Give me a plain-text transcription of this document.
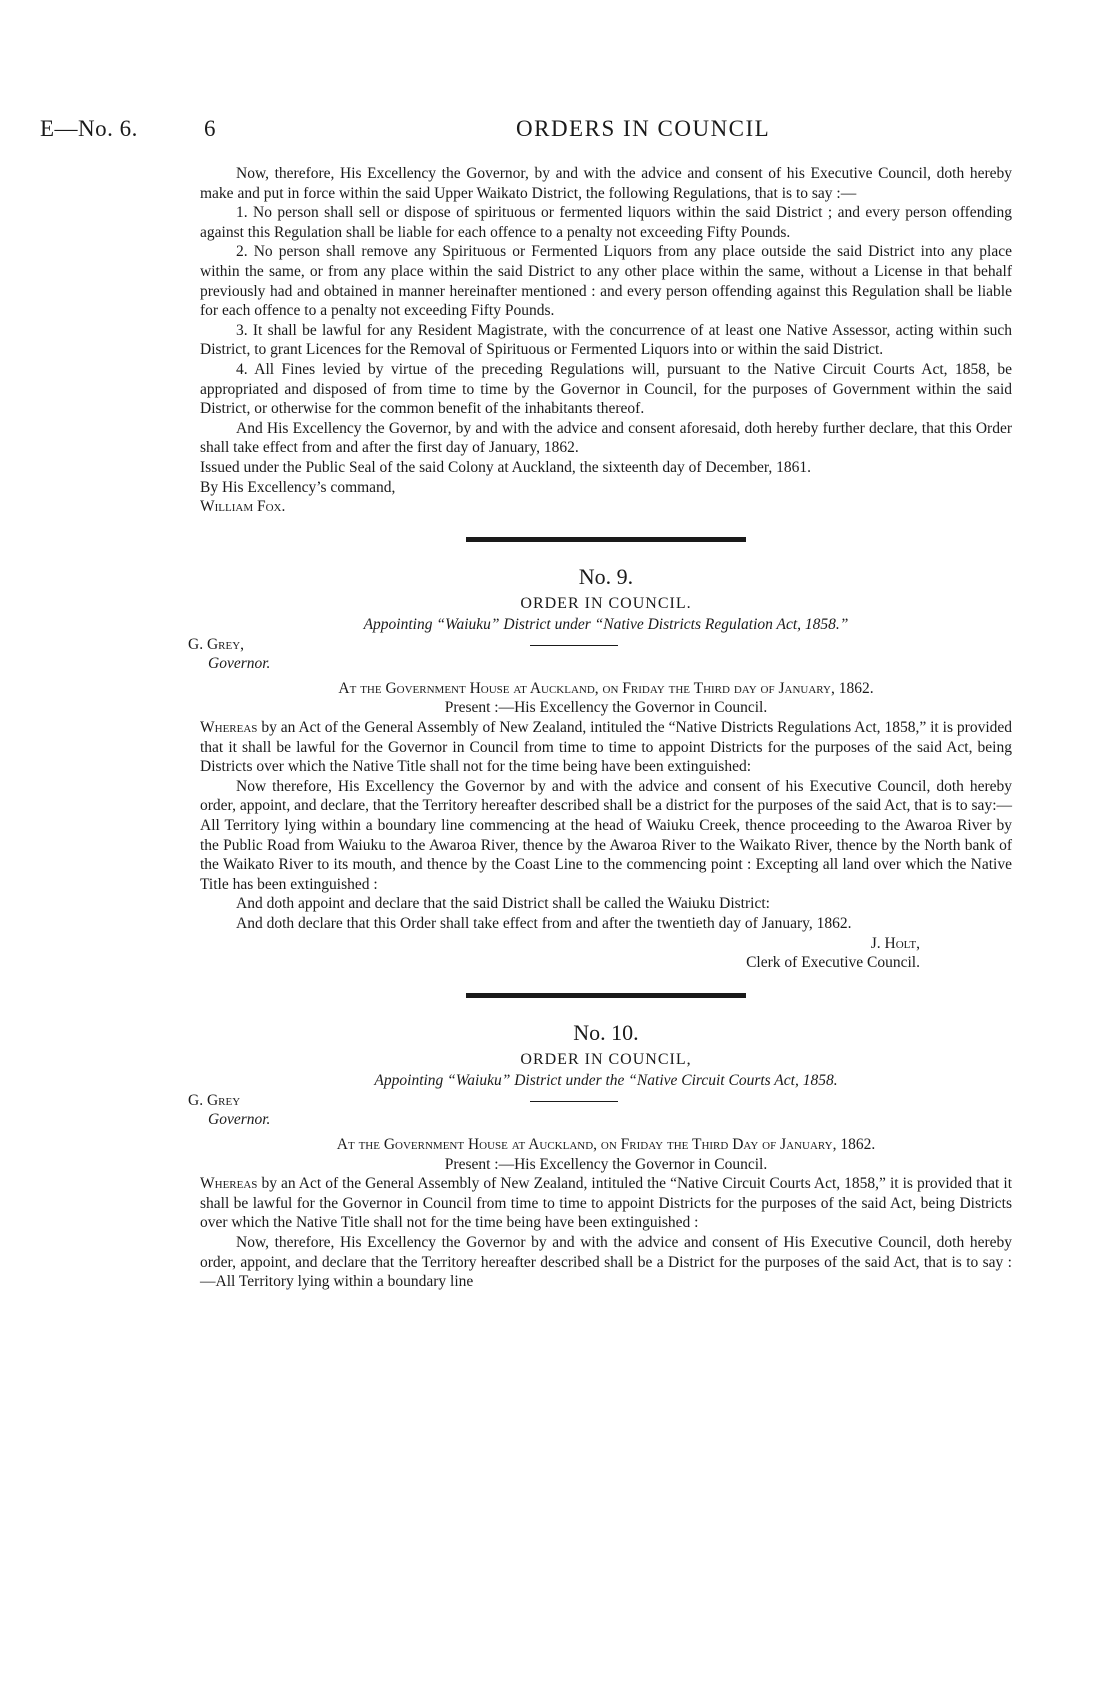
E—No. 6.	6	ORDERS IN COUNCIL

Now, therefore, His Excellency the Governor, by and with the advice and consent of his Executive Council, doth hereby make and put in force within the said Upper Waikato District, the following Regulations, that is to say :—

1. No person shall sell or dispose of spirituous or fermented liquors within the said District ; and every person offending against this Regulation shall be liable for each offence to a penalty not exceeding Fifty Pounds.

2. No person shall remove any Spirituous or Fermented Liquors from any place outside the said District into any place within the same, or from any place within the said District to any other place within the same, without a License in that behalf previously had and obtained in manner hereinafter mentioned : and every person offending against this Regulation shall be liable for each offence to a penalty not exceeding Fifty Pounds.

3. It shall be lawful for any Resident Magistrate, with the concurrence of at least one Native Assessor, acting within such District, to grant Licences for the Removal of Spirituous or Fermented Liquors into or within the said District.

4. All Fines levied by virtue of the preceding Regulations will, pursuant to the Native Circuit Courts Act, 1858, be appropriated and disposed of from time to time by the Governor in Council, for the purposes of Government within the said District, or otherwise for the common benefit of the inhabitants thereof.

And His Excellency the Governor, by and with the advice and consent aforesaid, doth hereby further declare, that this Order shall take effect from and after the first day of January, 1862.

Issued under the Public Seal of the said Colony at Auckland, the sixteenth day of December, 1861.

By His Excellency’s command,

William Fox.

No. 9.
ORDER IN COUNCIL.
Appointing “Waiuku” District under “Native Districts Regulation Act, 1858.”
G. Grey,
Governor.
At the Government House at Auckland, on Friday the Third day of January, 1862.
Present :—His Excellency the Governor in Council.

Whereas by an Act of the General Assembly of New Zealand, intituled the “Native Districts Regulations Act, 1858,” it is provided that it shall be lawful for the Governor in Council from time to time to appoint Districts for the purposes of the said Act, being Districts over which the Native Title shall not for the time being have been extinguished:

Now therefore, His Excellency the Governor by and with the advice and consent of his Executive Council, doth hereby order, appoint, and declare, that the Territory hereafter described shall be a district for the purposes of the said Act, that is to say:—All Territory lying within a boundary line commencing at the head of Waiuku Creek, thence proceeding to the Awaroa River by the Public Road from Waiuku to the Awaroa River, thence by the Awaroa River to the Waikato River, thence by the North bank of the Waikato River to its mouth, and thence by the Coast Line to the commencing point : Excepting all land over which the Native Title has been extinguished :

And doth appoint and declare that the said District shall be called the Waiuku District:

And doth declare that this Order shall take effect from and after the twentieth day of January, 1862.

J. Holt,

Clerk of Executive Council.

No. 10.
ORDER IN COUNCIL,
Appointing “Waiuku” District under the “Native Circuit Courts Act, 1858.
G. Grey
Governor.
At the Government House at Auckland, on Friday the Third Day of January, 1862.
Present :—His Excellency the Governor in Council.

Whereas by an Act of the General Assembly of New Zealand, intituled the “Native Circuit Courts Act, 1858,” it is provided that it shall be lawful for the Governor in Council from time to time to appoint Districts for the purposes of the said Act, being Districts over which the Native Title shall not for the time being have been extinguished :

Now, therefore, His Excellency the Governor by and with the advice and consent of His Executive Council, doth hereby order, appoint, and declare that the Territory hereafter described shall be a District for the purposes of the said Act, that is to say :—All Territory lying within a boundary line
